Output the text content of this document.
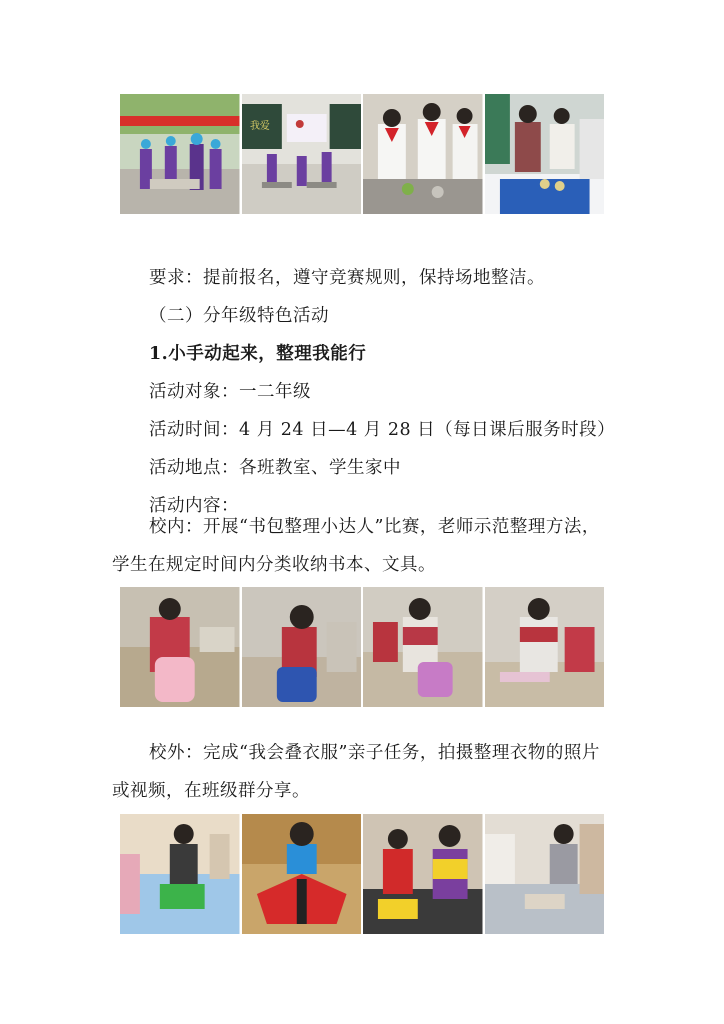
我爱

要求：提前报名，遵守竞赛规则，保持场地整洁。

（二）分年级特色活动

1.小手动起来，整理我能行

活动对象：一二年级

活动时间：4 月 24 日—4 月 28 日（每日课后服务时段）

活动地点：各班教室、学生家中

活动内容：

校内：开展“书包整理小达人”比赛，老师示范整理方法，学生在规定时间内分类收纳书本、文具。

校外：完成“我会叠衣服”亲子任务，拍摄整理衣物的照片或视频，在班级群分享。
